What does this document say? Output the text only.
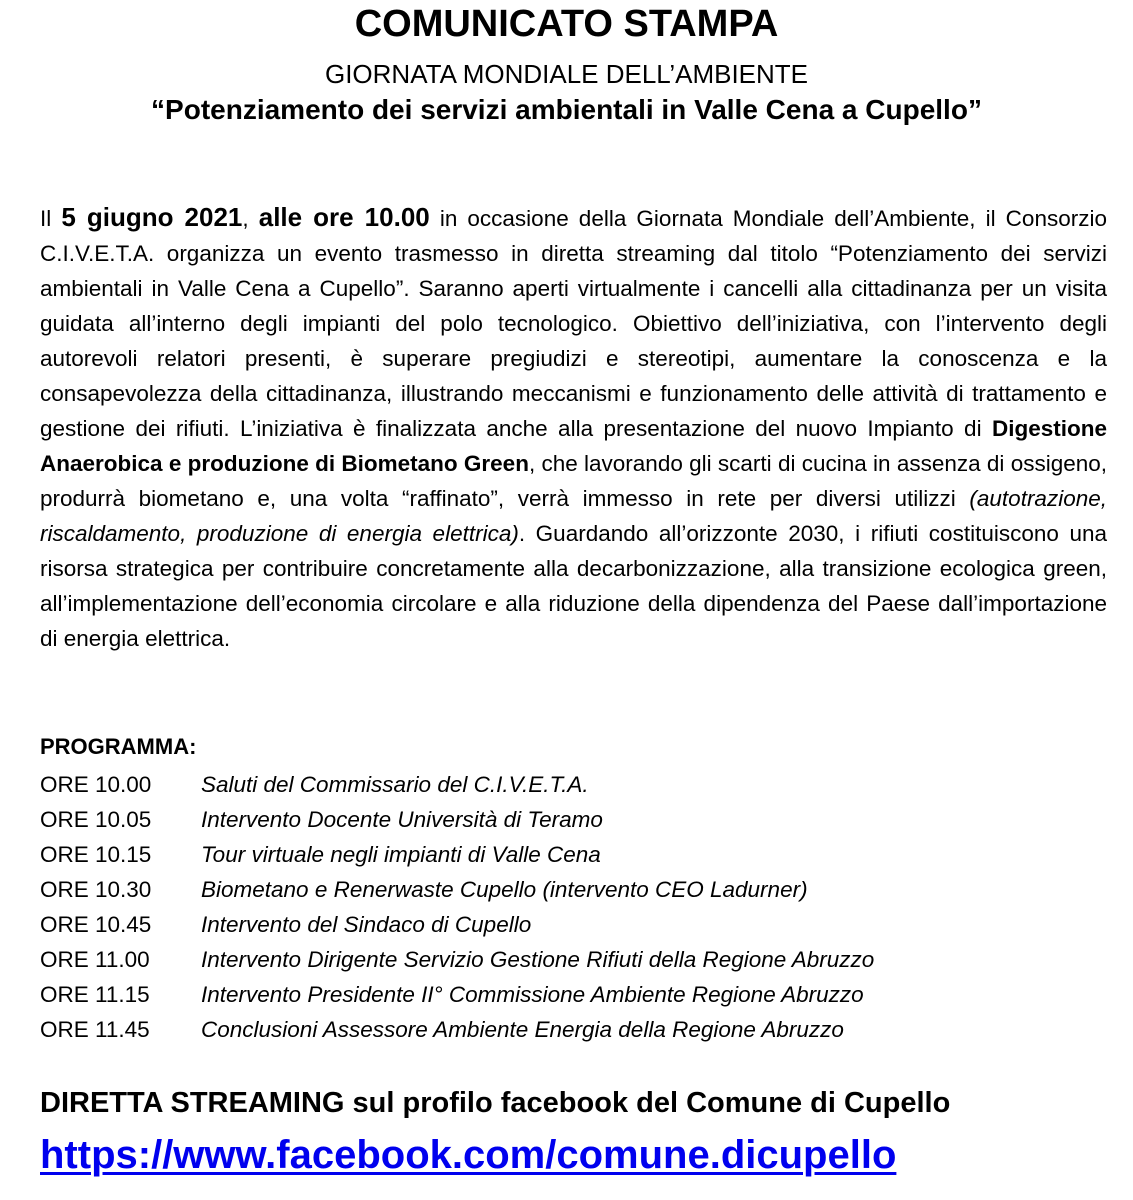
COMUNICATO STAMPA
GIORNATA MONDIALE DELL’AMBIENTE
“Potenziamento dei servizi ambientali in Valle Cena a Cupello”
Il 5 giugno 2021, alle ore 10.00 in occasione della Giornata Mondiale dell’Ambiente, il Consorzio C.I.V.E.T.A. organizza un evento trasmesso in diretta streaming dal titolo “Potenziamento dei servizi ambientali in Valle Cena a Cupello”. Saranno aperti virtualmente i cancelli alla cittadinanza per un visita guidata all’interno degli impianti del polo tecnologico. Obiettivo dell’iniziativa, con l’intervento degli autorevoli relatori presenti, è superare pregiudizi e stereotipi, aumentare la conoscenza e la consapevolezza della cittadinanza, illustrando meccanismi e funzionamento delle attività di trattamento e gestione dei rifiuti. L’iniziativa è finalizzata anche alla presentazione del nuovo Impianto di Digestione Anaerobica e produzione di Biometano Green, che lavorando gli scarti di cucina in assenza di ossigeno, produrrà biometano e, una volta “raffinato”, verrà immesso in rete per diversi utilizzi (autotrazione, riscaldamento, produzione di energia elettrica). Guardando all’orizzonte 2030, i rifiuti costituiscono una risorsa strategica per contribuire concretamente alla decarbonizzazione, alla transizione ecologica green, all’implementazione dell’economia circolare e alla riduzione della dipendenza del Paese dall’importazione di energia elettrica.
PROGRAMMA:
ORE 10.00 Saluti del Commissario del C.I.V.E.T.A.
ORE 10.05 Intervento Docente Università di Teramo
ORE 10.15 Tour virtuale negli impianti di Valle Cena
ORE 10.30 Biometano e Renerwaste Cupello (intervento CEO Ladurner)
ORE 10.45 Intervento del Sindaco di Cupello
ORE 11.00 Intervento Dirigente Servizio Gestione Rifiuti della Regione Abruzzo
ORE 11.15 Intervento Presidente II° Commissione Ambiente Regione Abruzzo
ORE 11.45 Conclusioni Assessore Ambiente Energia della Regione Abruzzo
DIRETTA STREAMING sul profilo facebook del Comune di Cupello
https://www.facebook.com/comune.dicupello
